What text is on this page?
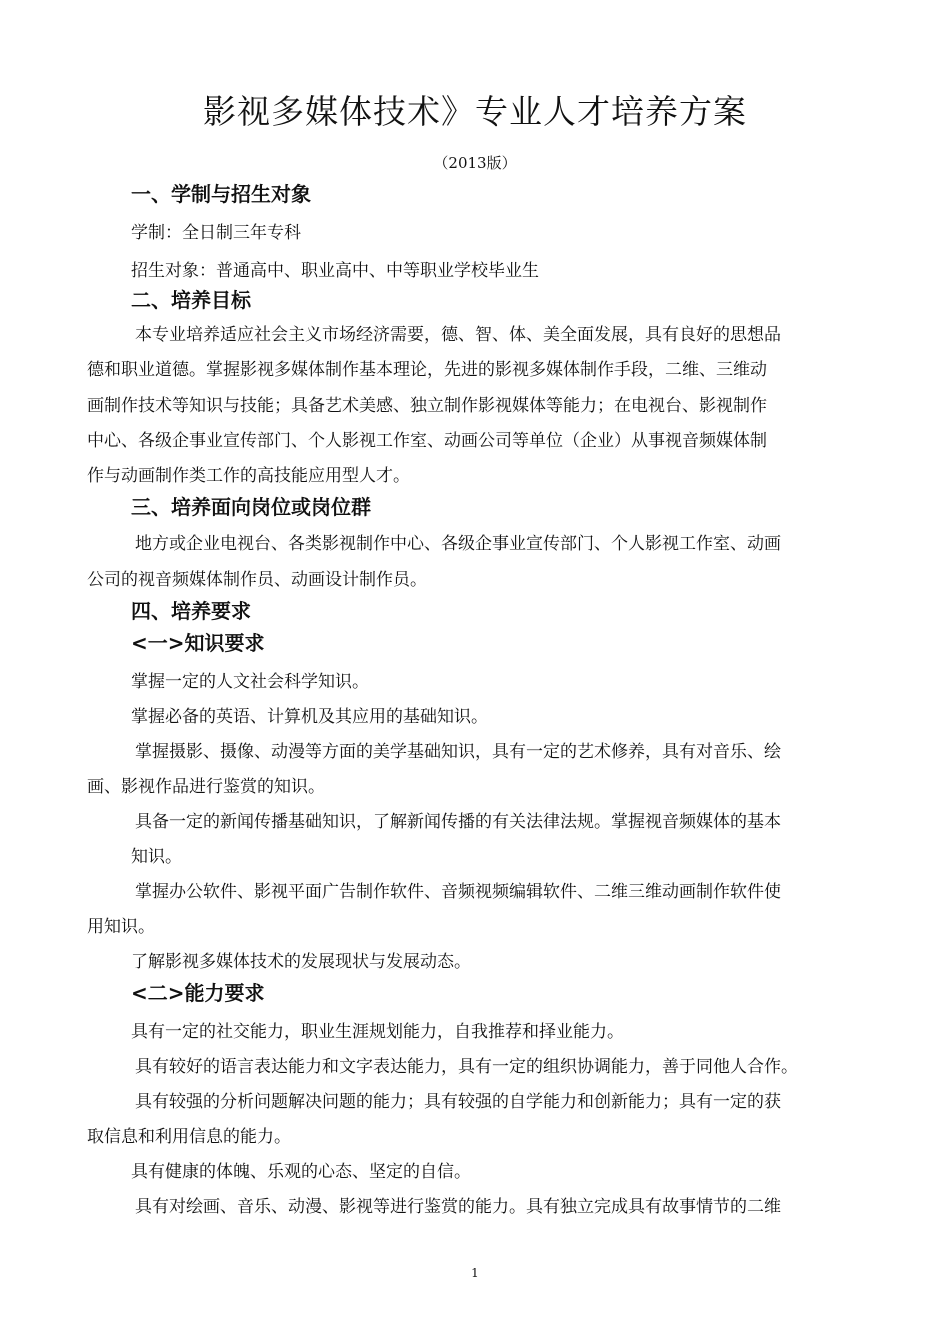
影视多媒体技术》专业人才培养方案
（2013版）
一、学制与招生对象
学制：全日制三年专科
招生对象：普通高中、职业高中、中等职业学校毕业生
二、培养目标
本专业培养适应社会主义市场经济需要，德、智、体、美全面发展，具有良好的思想品
德和职业道德。掌握影视多媒体制作基本理论，先进的影视多媒体制作手段，二维、三维动
画制作技术等知识与技能；具备艺术美感、独立制作影视媒体等能力；在电视台、影视制作
中心、各级企事业宣传部门、个人影视工作室、动画公司等单位（企业）从事视音频媒体制
作与动画制作类工作的高技能应用型人才。
三、培养面向岗位或岗位群
地方或企业电视台、各类影视制作中心、各级企事业宣传部门、个人影视工作室、动画
公司的视音频媒体制作员、动画设计制作员。
四、培养要求
<一>知识要求
掌握一定的人文社会科学知识。
掌握必备的英语、计算机及其应用的基础知识。
掌握摄影、摄像、动漫等方面的美学基础知识，具有一定的艺术修养，具有对音乐、绘
画、影视作品进行鉴赏的知识。
具备一定的新闻传播基础知识，了解新闻传播的有关法律法规。掌握视音频媒体的基本
知识。
掌握办公软件、影视平面广告制作软件、音频视频编辑软件、二维三维动画制作软件使
用知识。
了解影视多媒体技术的发展现状与发展动态。
<二>能力要求
具有一定的社交能力，职业生涯规划能力，自我推荐和择业能力。
具有较好的语言表达能力和文字表达能力，具有一定的组织协调能力，善于同他人合作。
具有较强的分析问题解决问题的能力；具有较强的自学能力和创新能力；具有一定的获
取信息和利用信息的能力。
具有健康的体魄、乐观的心态、坚定的自信。
具有对绘画、音乐、动漫、影视等进行鉴赏的能力。具有独立完成具有故事情节的二维
1
